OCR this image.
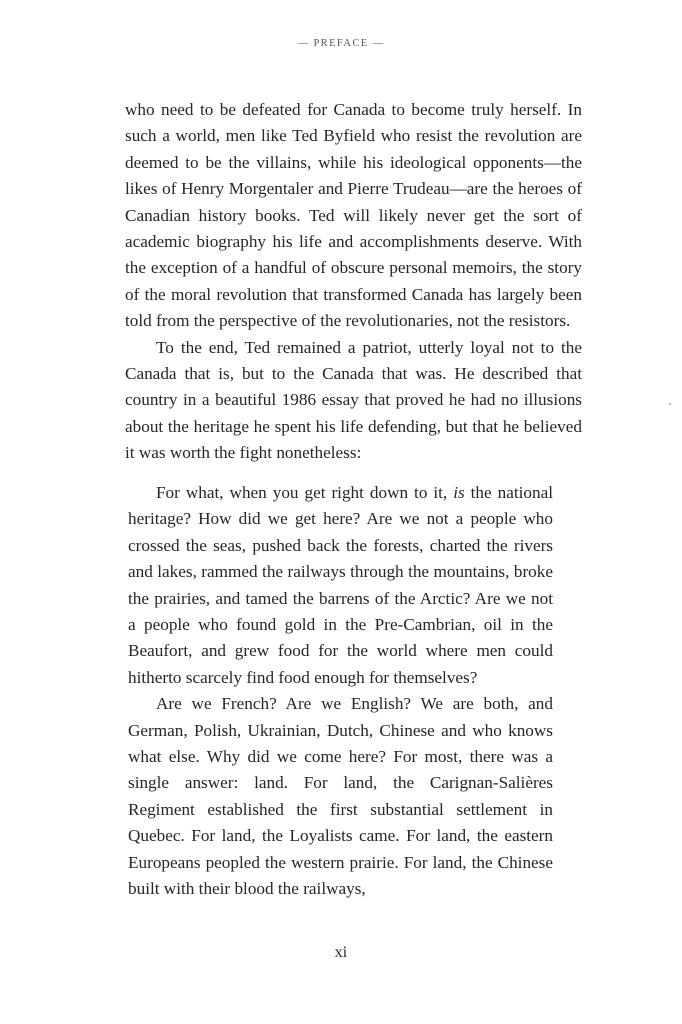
— PREFACE —

who need to be defeated for Canada to become truly herself. In such a world, men like Ted Byfield who resist the revolution are deemed to be the villains, while his ideological opponents—the likes of Henry Morgentaler and Pierre Trudeau—are the heroes of Canadian history books. Ted will likely never get the sort of academic biography his life and accomplishments deserve. With the exception of a handful of obscure personal memoirs, the story of the moral revolution that transformed Canada has largely been told from the perspective of the revolutionaries, not the resistors.

To the end, Ted remained a patriot, utterly loyal not to the Canada that is, but to the Canada that was. He described that country in a beautiful 1986 essay that proved he had no illusions about the heritage he spent his life defending, but that he believed it was worth the fight nonetheless:

For what, when you get right down to it, is the national heritage? How did we get here? Are we not a people who crossed the seas, pushed back the forests, charted the rivers and lakes, rammed the railways through the mountains, broke the prairies, and tamed the barrens of the Arctic? Are we not a people who found gold in the Pre-Cambrian, oil in the Beaufort, and grew food for the world where men could hitherto scarcely find food enough for themselves?

Are we French? Are we English? We are both, and German, Polish, Ukrainian, Dutch, Chinese and who knows what else. Why did we come here? For most, there was a single answer: land. For land, the Carignan-Salières Regiment established the first substantial settlement in Quebec. For land, the Loyalists came. For land, the eastern Europeans peopled the western prairie. For land, the Chinese built with their blood the railways,

xi
